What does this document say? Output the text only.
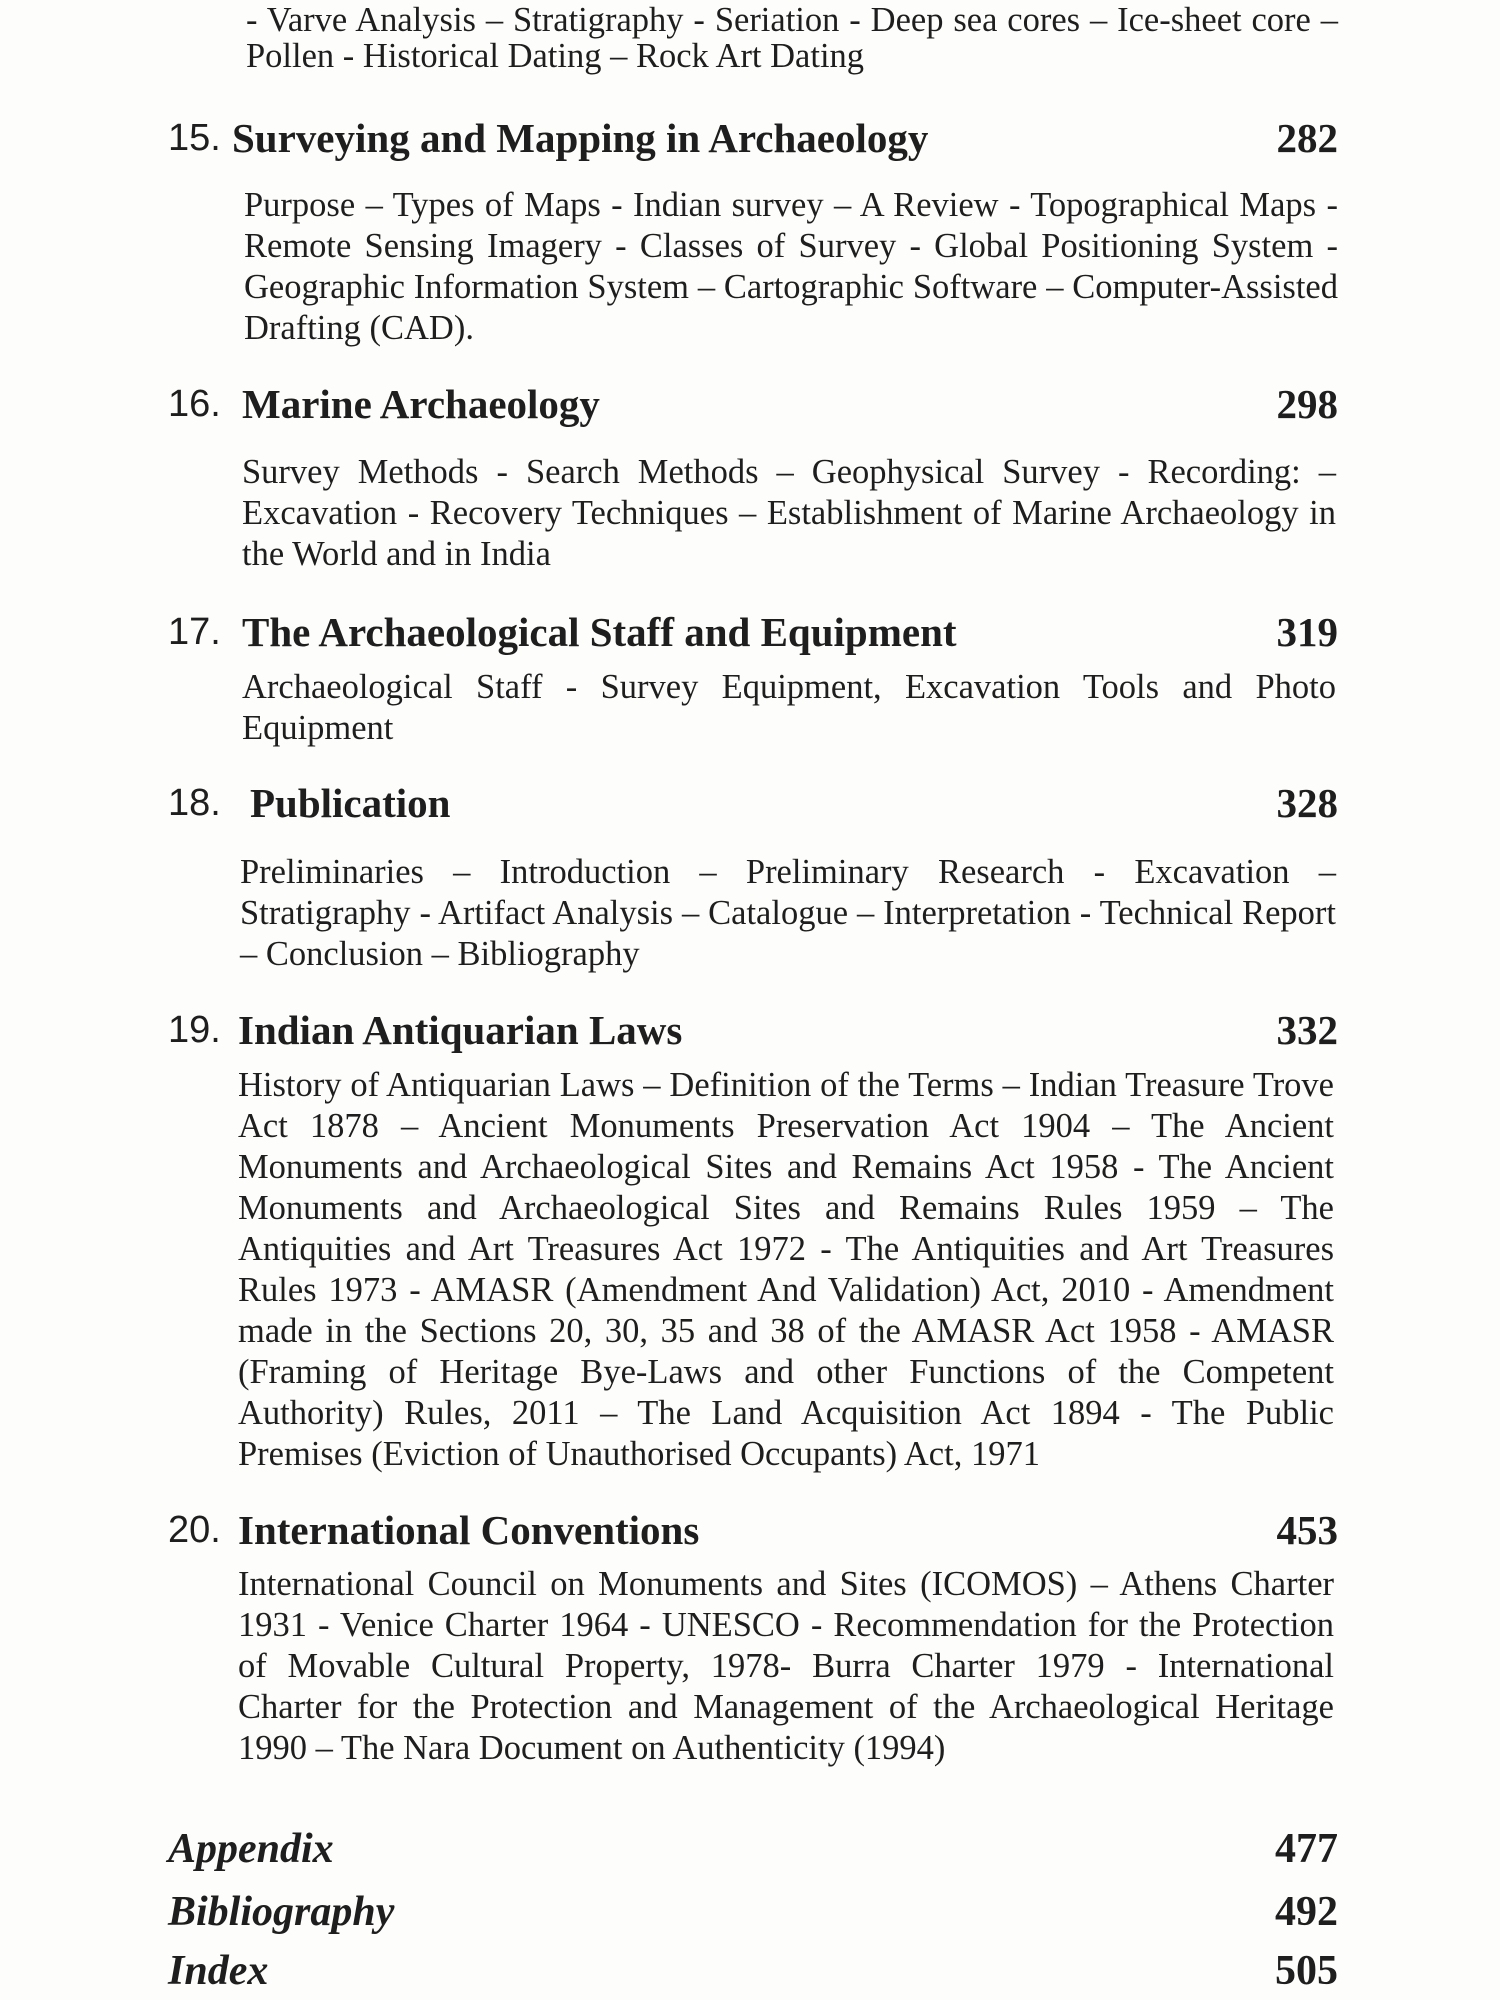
- Varve Analysis – Stratigraphy - Seriation - Deep sea cores – Ice-sheet core – Pollen - Historical Dating – Rock Art Dating
15. Surveying and Mapping in Archaeology	282
Purpose – Types of Maps - Indian survey – A Review - Topographical Maps - Remote Sensing Imagery - Classes of Survey - Global Positioning System - Geographic Information System – Cartographic Software – Computer-Assisted Drafting (CAD).
16. Marine Archaeology	298
Survey Methods - Search Methods – Geophysical Survey - Recording: – Excavation - Recovery Techniques – Establishment of Marine Archaeology in the World and in India
17. The Archaeological Staff and Equipment	319
Archaeological Staff - Survey Equipment, Excavation Tools and Photo Equipment
18. Publication	328
Preliminaries – Introduction – Preliminary Research - Excavation – Stratigraphy - Artifact Analysis – Catalogue – Interpretation - Technical Report – Conclusion – Bibliography
19. Indian Antiquarian Laws	332
History of Antiquarian Laws – Definition of the Terms – Indian Treasure Trove Act 1878 – Ancient Monuments Preservation Act 1904 – The Ancient Monuments and Archaeological Sites and Remains Act 1958 - The Ancient Monuments and Archaeological Sites and Remains Rules 1959 – The Antiquities and Art Treasures Act 1972 - The Antiquities and Art Treasures Rules 1973 - AMASR (Amendment And Validation) Act, 2010 - Amendment made in the Sections 20, 30, 35 and 38 of the AMASR Act 1958 - AMASR (Framing of Heritage Bye-Laws and other Functions of the Competent Authority) Rules, 2011 – The Land Acquisition Act 1894 - The Public Premises (Eviction of Unauthorised Occupants) Act, 1971
20. International Conventions	453
International Council on Monuments and Sites (ICOMOS) – Athens Charter 1931 - Venice Charter 1964 - UNESCO - Recommendation for the Protection of Movable Cultural Property, 1978- Burra Charter 1979 - International Charter for the Protection and Management of the Archaeological Heritage 1990 – The Nara Document on Authenticity (1994)
Appendix	477
Bibliography	492
Index	505
